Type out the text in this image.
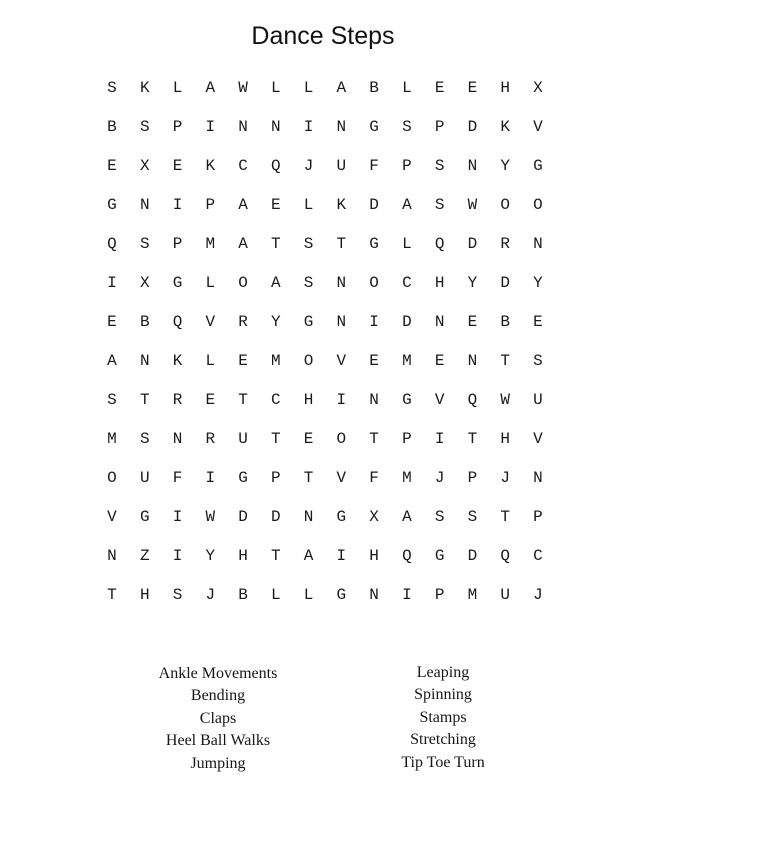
Dance Steps
S	K	L	A	W	L	L	A	B	L	E	E	H	X
B	S	P	I	N	N	I	N	G	S	P	D	K	V
E	X	E	K	C	Q	J	U	F	P	S	N	Y	G
G	N	I	P	A	E	L	K	D	A	S	W	O	O
Q	S	P	M	A	T	S	T	G	L	Q	D	R	N
I	X	G	L	O	A	S	N	O	C	H	Y	D	Y
E	B	Q	V	R	Y	G	N	I	D	N	E	B	E
A	N	K	L	E	M	O	V	E	M	E	N	T	S
S	T	R	E	T	C	H	I	N	G	V	Q	W	U
M	S	N	R	U	T	E	O	T	P	I	T	H	V
O	U	F	I	G	P	T	V	F	M	J	P	J	N
V	G	I	W	D	D	N	G	X	A	S	S	T	P
N	Z	I	Y	H	T	A	I	H	Q	G	D	Q	C
T	H	S	J	B	L	L	G	N	I	P	M	U	J
Ankle Movements
Bending
Claps
Heel Ball Walks
Jumping
Leaping
Spinning
Stamps
Stretching
Tip Toe Turn
